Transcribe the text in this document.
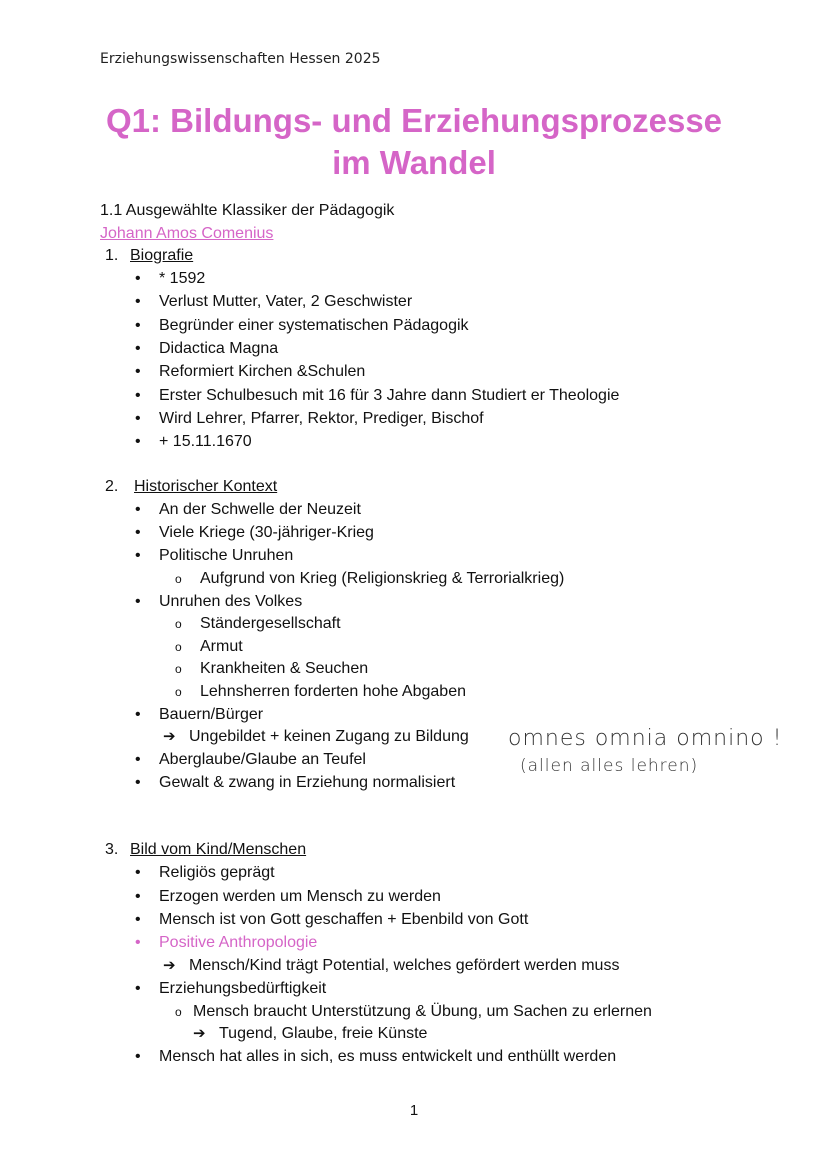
Erziehungswissenschaften Hessen 2025
Q1: Bildungs- und Erziehungsprozesse
im Wandel
1.1 Ausgewählte Klassiker der Pädagogik
Johann Amos Comenius
1. Biografie
• * 1592
• Verlust Mutter, Vater, 2 Geschwister
• Begründer einer systematischen Pädagogik
• Didactica Magna
• Reformiert Kirchen &Schulen
• Erster Schulbesuch mit 16 für 3 Jahre dann Studiert er Theologie
• Wird Lehrer, Pfarrer, Rektor, Prediger, Bischof
• + 15.11.1670
2. Historischer Kontext
• An der Schwelle der Neuzeit
• Viele Kriege (30-jähriger-Krieg
• Politische Unruhen
o Aufgrund von Krieg (Religionskrieg & Terrorialkrieg)
• Unruhen des Volkes
o Ständergesellschaft
o Armut
o Krankheiten & Seuchen
o Lehnsherren forderten hohe Abgaben
• Bauern/Bürger
➔ Ungebildet + keinen Zugang zu Bildung
• Aberglaube/Glaube an Teufel
• Gewalt & zwang in Erziehung normalisiert
omnes omnia omnino !
(allen alles lehren)
3. Bild vom Kind/Menschen
• Religiös geprägt
• Erzogen werden um Mensch zu werden
• Mensch ist von Gott geschaffen + Ebenbild von Gott
• Positive Anthropologie
➔ Mensch/Kind trägt Potential, welches gefördert werden muss
• Erziehungsbedürftigkeit
o Mensch braucht Unterstützung & Übung, um Sachen zu erlernen
➔ Tugend, Glaube, freie Künste
• Mensch hat alles in sich, es muss entwickelt und enthüllt werden
1
